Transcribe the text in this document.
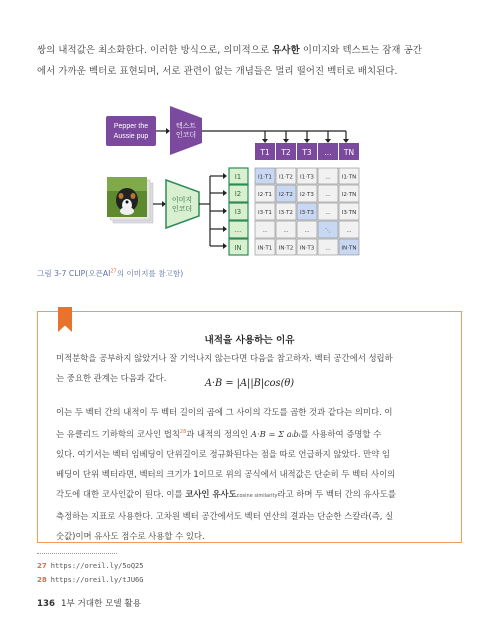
쌍의 내적값은 최소화한다. 이러한 방식으로, 의미적으로 유사한 이미지와 텍스트는 잠재 공간
에서 가까운 벡터로 표현되며, 서로 관련이 없는 개념들은 멀리 떨어진 벡터로 배치된다.
Pepper the
Aussie pup
텍스트
인코더
T1 T2 T3 ... TN
이미지
인코더
I1
I2
I3
...
IN
I1·T1 I1·T2 I1·T3 ... I1·TN
I2·T1 I2·T2 I2·T3 ... I2·TN
I3·T1 I3·T2 I3·T3 ... I3·TN
...	...	...	⋱	...
IN·T1 IN·T2 IN·T3 ... IN·TN
그림 3-7 CLIP(오픈AI$^{27}$의 이미지를 참고함)
내적을 사용하는 이유
미적분학을 공부하지 않았거나 잘 기억나지 않는다면 다음을 참고하자. 벡터 공간에서 성립하
는 중요한 관계는 다음과 같다.	A·B = |A||B|cos(θ)
이는 두 벡터 간의 내적이 두 벡터 길이의 곱에 그 사이의 각도를 곱한 것과 같다는 의미다. 이
는 유클리드 기하학의 코사인 법칙$^{28}$과 내적의 정의인 A·B = Σ aᵢbᵢ를 사용하여 증명할 수
있다. 여기서는 벡터 임베딩이 단위길이로 정규화된다는 점을 따로 언급하지 않았다. 만약 임
베딩이 단위 벡터라면, 벡터의 크기가 1이므로 위의 공식에서 내적값은 단순히 두 벡터 사이의
각도에 대한 코사인값이 된다. 이를 코사인 유사도cosine similarity라고 하며 두 벡터 간의 유사도를
측정하는 지표로 사용한다. 고차원 벡터 공간에서도 벡터 연산의 결과는 단순한 스칼라(즉, 실
숫값)이며 유사도 점수로 사용할 수 있다.
27 https://oreil.ly/5oQ25
28 https://oreil.ly/tJU6G
136 1부 거대한 모델 활용
